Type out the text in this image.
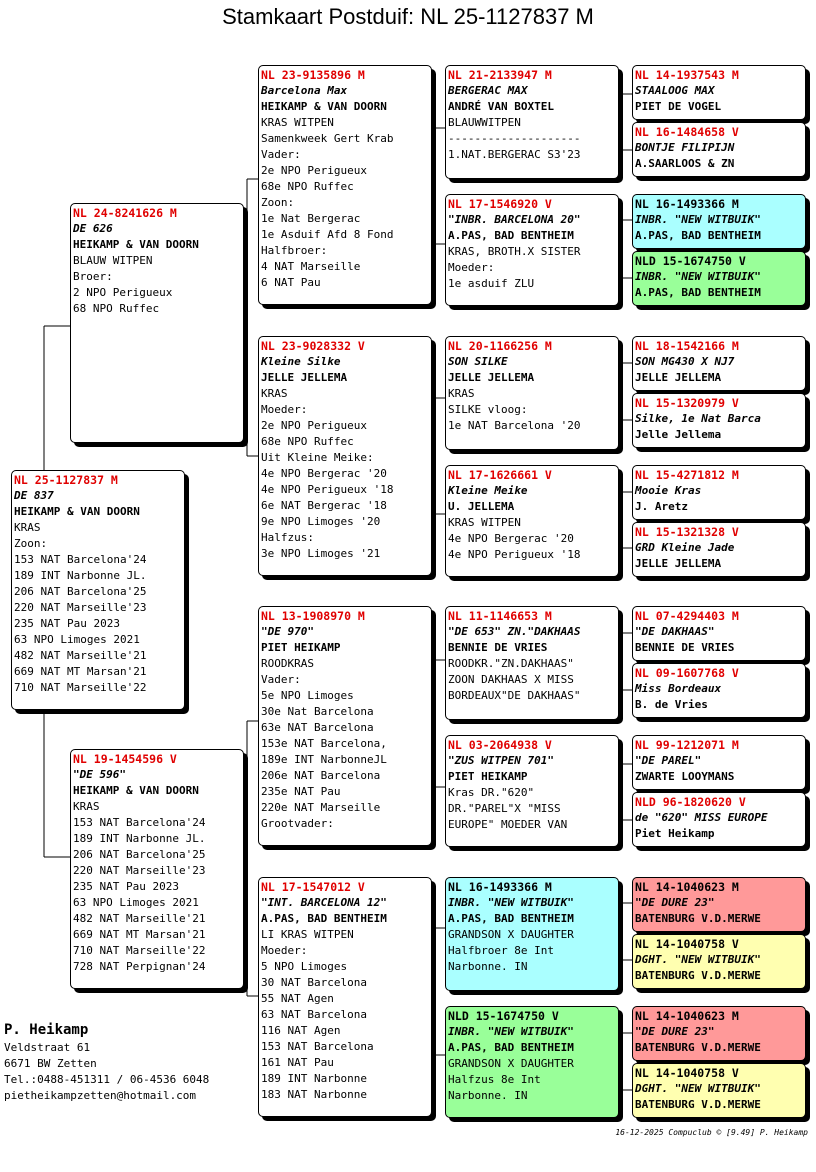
Stamkaart Postduif: NL 25-1127837 M
NL 25-1127837 M
DE 837
HEIKAMP & VAN DOORN
KRAS
Zoon:
153 NAT Barcelona'24
189 INT Narbonne JL.
206 NAT Barcelona'25
220 NAT Marseille'23
235 NAT Pau 2023
63 NPO Limoges 2021
482 NAT Marseille'21
669 NAT MT Marsan'21
710 NAT Marseille'22
NL 24-8241626 M
DE 626
HEIKAMP & VAN DOORN
BLAUW WITPEN
Broer:
2 NPO Perigueux
68 NPO Ruffec
NL 19-1454596 V
"DE 596"
HEIKAMP & VAN DOORN
KRAS
153 NAT Barcelona'24
189 INT Narbonne JL.
206 NAT Barcelona'25
220 NAT Marseille'23
235 NAT Pau 2023
63 NPO Limoges 2021
482 NAT Marseille'21
669 NAT MT Marsan'21
710 NAT Marseille'22
728 NAT Perpignan'24
NL 23-9135896 M
Barcelona Max
HEIKAMP & VAN DOORN
KRAS WITPEN
Samenkweek Gert Krab
Vader:
2e NPO Perigueux
68e NPO Ruffec
Zoon:
1e Nat Bergerac
1e Asduif Afd 8 Fond
Halfbroer:
4 NAT Marseille
6 NAT Pau
NL 23-9028332 V
Kleine Silke
JELLE JELLEMA
KRAS
Moeder:
2e NPO Perigueux
68e NPO Ruffec
Uit Kleine Meike:
4e NPO Bergerac '20
4e NPO Perigueux '18
6e NAT Bergerac '18
9e NPO Limoges '20
Halfzus:
3e NPO Limoges '21
NL 13-1908970 M
"DE 970"
PIET HEIKAMP
ROODKRAS
Vader:
5e NPO Limoges
30e Nat Barcelona
63e NAT Barcelona
153e NAT Barcelona,
189e INT NarbonneJL
206e NAT Barcelona
235e NAT Pau
220e NAT Marseille
Grootvader:
NL 17-1547012 V
"INT. BARCELONA 12"
A.PAS, BAD BENTHEIM
LI KRAS WITPEN
Moeder:
5 NPO Limoges
30 NAT Barcelona
55 NAT Agen
63 NAT Barcelona
116 NAT Agen
153 NAT Barcelona
161 NAT Pau
189 INT Narbonne
183 NAT Narbonne
NL 21-2133947 M
BERGERAC MAX
ANDRÉ VAN BOXTEL
BLAUWWITPEN
--------------------
1.NAT.BERGERAC S3'23
NL 17-1546920 V
"INBR. BARCELONA 20"
A.PAS, BAD BENTHEIM
KRAS, BROTH.X SISTER
Moeder:
1e asduif ZLU
NL 20-1166256 M
SON SILKE
JELLE JELLEMA
KRAS
SILKE vloog:
1e NAT Barcelona '20
NL 17-1626661 V
Kleine Meike
U. JELLEMA
KRAS WITPEN
4e NPO Bergerac '20
4e NPO Perigueux '18
NL 11-1146653 M
"DE 653" ZN."DAKHAAS
BENNIE DE VRIES
ROODKR."ZN.DAKHAAS"
ZOON DAKHAAS X MISS
BORDEAUX"DE DAKHAAS"
NL 03-2064938 V
"ZUS WITPEN 701"
PIET HEIKAMP
Kras DR."620"
DR."PAREL"X "MISS
EUROPE" MOEDER VAN
NL 16-1493366 M
INBR. "NEW WITBUIK"
A.PAS, BAD BENTHEIM
GRANDSON X DAUGHTER
Halfbroer 8e Int
Narbonne. IN
NLD 15-1674750 V
INBR. "NEW WITBUIK"
A.PAS, BAD BENTHEIM
GRANDSON X DAUGHTER
Halfzus 8e Int
Narbonne. IN
NL 14-1937543 M
STAALOOG MAX
PIET DE VOGEL
NL 16-1484658 V
BONTJE FILIPIJN
A.SAARLOOS & ZN
NL 16-1493366 M
INBR. "NEW WITBUIK"
A.PAS, BAD BENTHEIM
NLD 15-1674750 V
INBR. "NEW WITBUIK"
A.PAS, BAD BENTHEIM
NL 18-1542166 M
SON MG430 X NJ7
JELLE JELLEMA
NL 15-1320979 V
Silke, 1e Nat Barca
Jelle Jellema
NL 15-4271812 M
Mooie Kras
J. Aretz
NL 15-1321328 V
GRD Kleine Jade
JELLE JELLEMA
NL 07-4294403 M
"DE DAKHAAS"
BENNIE DE VRIES
NL 09-1607768 V
Miss Bordeaux
B. de Vries
NL 99-1212071 M
"DE PAREL"
ZWARTE LOOYMANS
NLD 96-1820620 V
de "620" MISS EUROPE
Piet Heikamp
NL 14-1040623 M
"DE DURE 23"
BATENBURG V.D.MERWE
NL 14-1040758 V
DGHT. "NEW WITBUIK"
BATENBURG V.D.MERWE
NL 14-1040623 M
"DE DURE 23"
BATENBURG V.D.MERWE
NL 14-1040758 V
DGHT. "NEW WITBUIK"
BATENBURG V.D.MERWE
P. Heikamp
Veldstraat 61
6671 BW Zetten
Tel.:0488-451311 / 06-4536 6048
pietheikampzetten@hotmail.com
16-12-2025 Compuclub © [9.49] P. Heikamp
